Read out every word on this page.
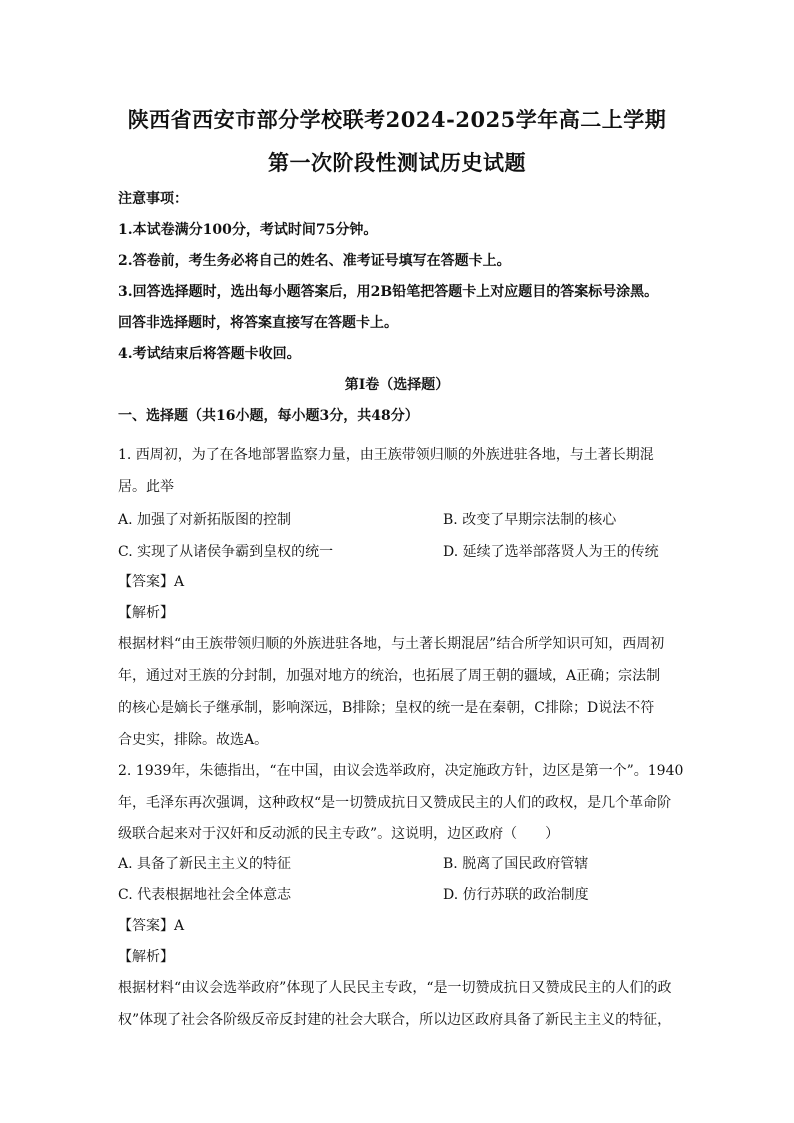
陕西省西安市部分学校联考2024-2025学年高二上学期
第一次阶段性测试历史试题
注意事项：
1.本试卷满分100分，考试时间75分钟。
2.答卷前，考生务必将自己的姓名、准考证号填写在答题卡上。
3.回答选择题时，选出每小题答案后，用2B铅笔把答题卡上对应题目的答案标号涂黑。
回答非选择题时，将答案直接写在答题卡上。
4.考试结束后将答题卡收回。
第Ⅰ卷（选择题）
一、选择题（共16小题，每小题3分，共48分）
1. 西周初，为了在各地部署监察力量，由王族带领归顺的外族进驻各地，与土著长期混
居。此举
A. 加强了对新拓版图的控制	B. 改变了早期宗法制的核心
C. 实现了从诸侯争霸到皇权的统一	D. 延续了选举部落贤人为王的传统
【答案】A
【解析】
根据材料“由王族带领归顺的外族进驻各地，与土著长期混居”结合所学知识可知，西周初
年，通过对王族的分封制，加强对地方的统治，也拓展了周王朝的疆域，A正确；宗法制
的核心是嫡长子继承制，影响深远，B排除；皇权的统一是在秦朝，C排除；D说法不符
合史实，排除。故选A。
2. 1939年，朱德指出，“在中国，由议会选举政府，决定施政方针，边区是第一个”。1940
年，毛泽东再次强调，这种政权“是一切赞成抗日又赞成民主的人们的政权，是几个革命阶
级联合起来对于汉奸和反动派的民主专政”。这说明，边区政府（　　）
A. 具备了新民主主义的特征	B. 脱离了国民政府管辖
C. 代表根据地社会全体意志	D. 仿行苏联的政治制度
【答案】A
【解析】
根据材料“由议会选举政府”体现了人民民主专政，“是一切赞成抗日又赞成民主的人们的政
权”体现了社会各阶级反帝反封建的社会大联合，所以边区政府具备了新民主主义的特征，
